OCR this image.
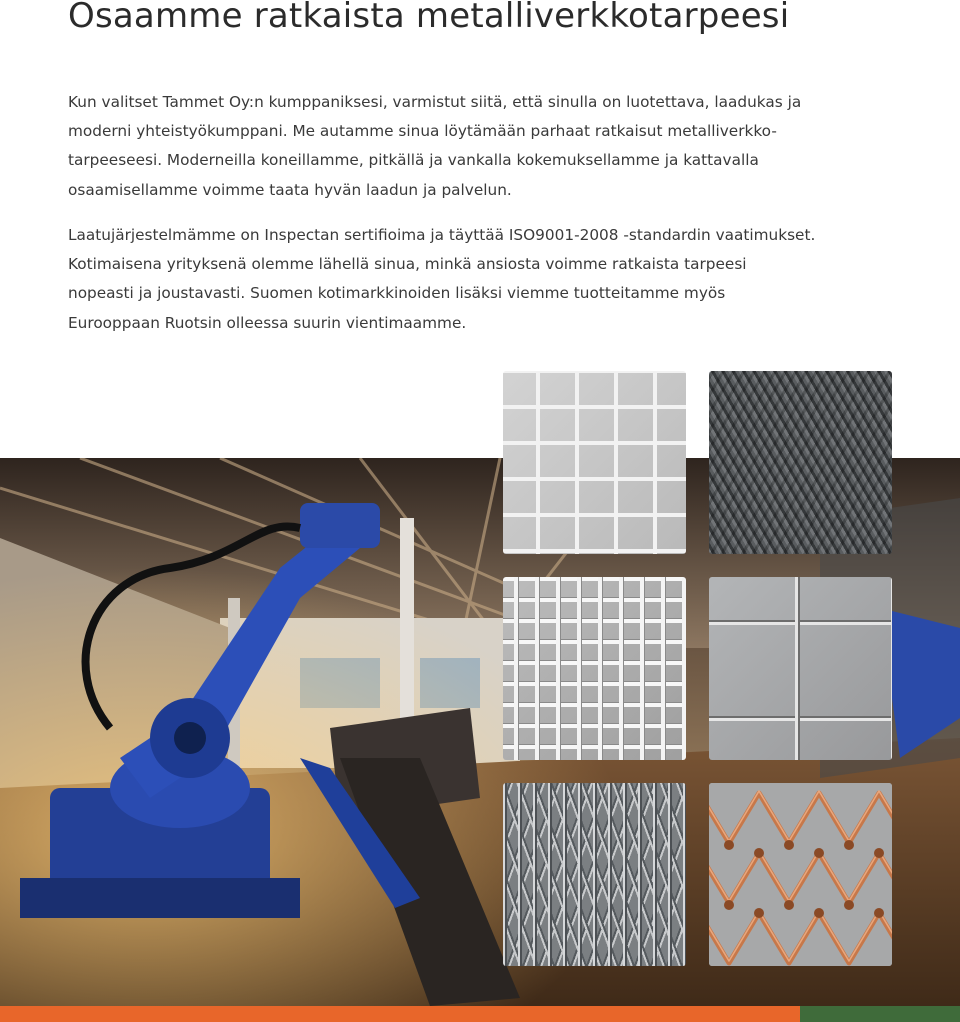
Osaamme ratkaista metalliverkkotarpeesi
Kun valitset Tammet Oy:n kumppaniksesi, varmistut siitä, että sinulla on luotettava, laadukas ja
moderni yhteistyökumppani. Me autamme sinua löytämään parhaat ratkaisut metalliverkko-
tarpeeseesi. Moderneilla koneillamme, pitkällä ja vankalla kokemuksellamme ja kattavalla
osaamisellamme voimme taata hyvän laadun ja palvelun.
Laatujärjestelmämme on Inspectan sertifioima ja täyttää ISO9001-2008 -standardin vaatimukset.
Kotimaisena yrityksenä olemme lähellä sinua, minkä ansiosta voimme ratkaista tarpeesi
nopeasti ja joustavasti. Suomen kotimarkkinoiden lisäksi viemme tuotteitamme myös
Eurooppaan Ruotsin olleessa suurin vientimaamme.
